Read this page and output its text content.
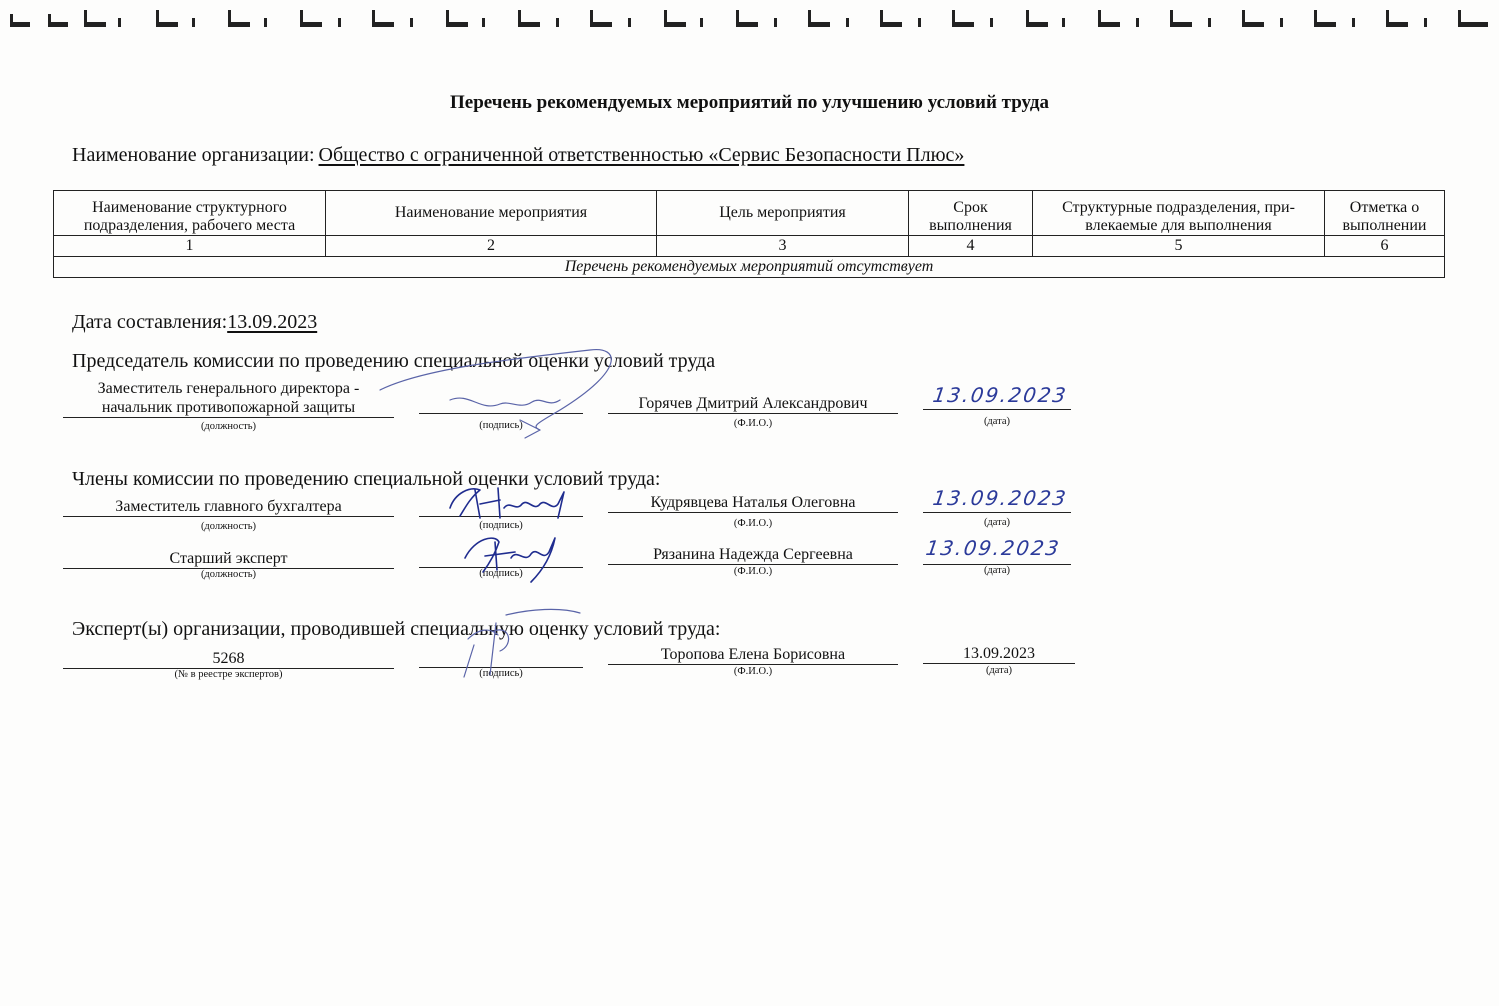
Перечень рекомендуемых мероприятий по улучшению условий труда
Наименование организации: Общество с ограниченной ответственностью «Сервис Безопасности Плюс»
Наименование структурного подразделения, рабочего места	Наименование мероприятия	Цель мероприятия	Срок выполнения	Структурные подразделения, при-влекаемые для выполнения	Отметка о выполнении
1	2	3	4	5	6
Перечень рекомендуемых мероприятий отсутствует					
Дата составления:13.09.2023
Председатель комиссии по проведению специальной оценки условий труда
Заместитель генерального директора - начальник противопожарной защиты
(должность)	(подпись)
Горячев Дмитрий Александрович
(Ф.И.О.)
13.09.2023
(дата)
Члены комиссии по проведению специальной оценки условий труда:
Заместитель главного бухгалтера
(должность)	(подпись)
Кудрявцева Наталья Олеговна
(Ф.И.О.)
13.09.2023
(дата)
Старший эксперт
(должность)	(подпись)
Рязанина Надежда Сергеевна
(Ф.И.О.)
13.09.2023
(дата)
Эксперт(ы) организации, проводившей специальную оценку условий труда:
5268
(№ в реестре экспертов)	(подпись)
Торопова Елена Борисовна
(Ф.И.О.)
13.09.2023
(дата)
